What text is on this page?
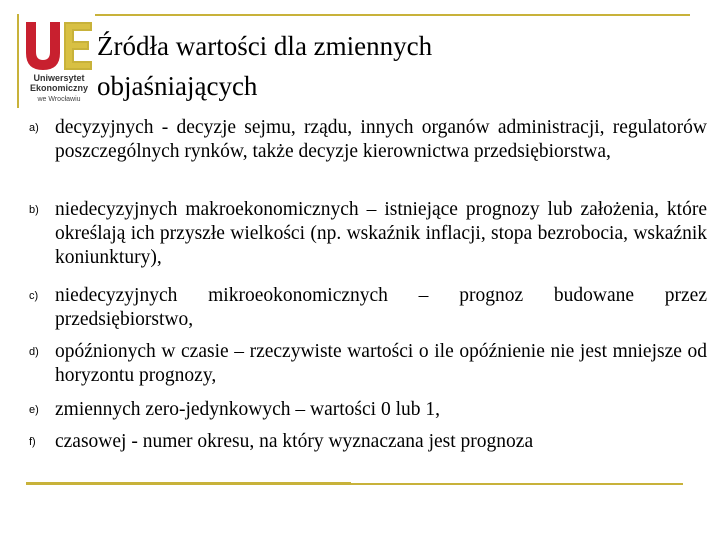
Uniwersytet
Ekonomiczny
we Wrocławiu
Źródła wartości dla zmiennych
objaśniających
a) decyzyjnych - decyzje sejmu, rządu, innych organów administracji, regulatorów poszczególnych rynków, także decyzje kierownictwa przedsiębiorstwa,
b) niedecyzyjnych makroekonomicznych – istniejące prognozy lub założenia, które określają ich przyszłe wielkości (np. wskaźnik inflacji, stopa bezrobocia, wskaźnik koniunktury),
c) niedecyzyjnych mikroeokonomicznych – prognoz budowane przez przedsiębiorstwo,
d) opóźnionych w czasie – rzeczywiste wartości o ile opóźnienie nie jest mniejsze od horyzontu prognozy,
e) zmiennych zero-jedynkowych – wartości 0 lub 1,
f) czasowej - numer okresu, na który wyznaczana jest prognoza
